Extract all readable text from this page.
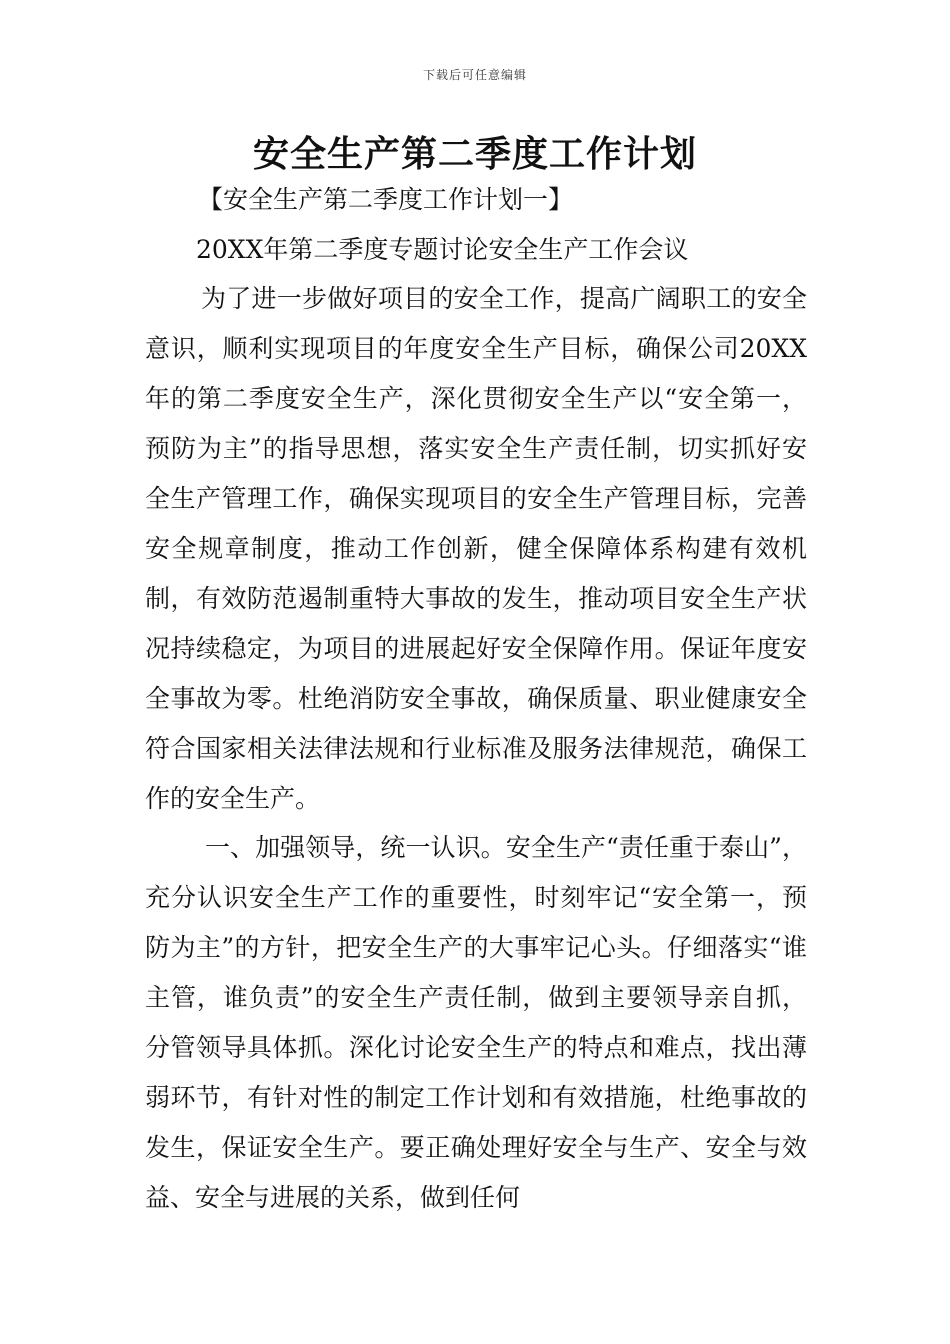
下载后可任意编辑
安全生产第二季度工作计划
【安全生产第二季度工作计划一】
20XX年第二季度专题讨论安全生产工作会议

为了进一步做好项目的安全工作，提高广阔职工的安全意识，顺利实现项目的年度安全生产目标，确保公司20XX年的第二季度安全生产，深化贯彻安全生产以“安全第一，预防为主”的指导思想，落实安全生产责任制，切实抓好安全生产管理工作，确保实现项目的安全生产管理目标，完善安全规章制度，推动工作创新，健全保障体系构建有效机制，有效防范遏制重特大事故的发生，推动项目安全生产状况持续稳定，为项目的进展起好安全保障作用。保证年度安全事故为零。杜绝消防安全事故，确保质量、职业健康安全符合国家相关法律法规和行业标准及服务法律规范，确保工作的安全生产。

一、加强领导，统一认识。安全生产“责任重于泰山”，充分认识安全生产工作的重要性，时刻牢记“安全第一，预防为主”的方针，把安全生产的大事牢记心头。仔细落实“谁主管，谁负责”的安全生产责任制，做到主要领导亲自抓，分管领导具体抓。深化讨论安全生产的特点和难点，找出薄弱环节，有针对性的制定工作计划和有效措施，杜绝事故的发生，保证安全生产。要正确处理好安全与生产、安全与效益、安全与进展的关系，做到任何
